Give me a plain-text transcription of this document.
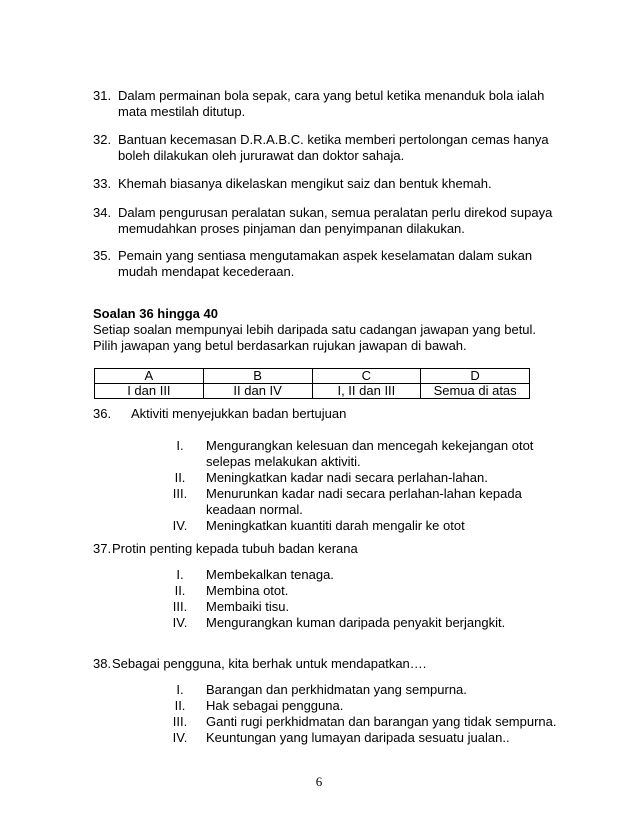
31. Dalam permainan bola sepak, cara yang betul ketika menanduk bola ialah mata mestilah ditutup.
32. Bantuan kecemasan D.R.A.B.C. ketika memberi pertolongan cemas hanya boleh dilakukan oleh jururawat dan doktor sahaja.
33. Khemah biasanya dikelaskan mengikut saiz dan bentuk khemah.
34. Dalam pengurusan peralatan sukan, semua peralatan perlu direkod supaya memudahkan proses pinjaman dan penyimpanan dilakukan.
35. Pemain yang sentiasa mengutamakan aspek keselamatan dalam sukan mudah mendapat kecederaan.
Soalan 36 hingga 40
Setiap soalan mempunyai lebih daripada satu cadangan jawapan yang betul. Pilih jawapan yang betul berdasarkan rujukan jawapan di bawah.
A	B	C	D
I dan III	II dan IV	I, II dan III	Semua di atas
36.	Aktiviti menyejukkan badan bertujuan
I.	Mengurangkan kelesuan dan mencegah kekejangan otot selepas melakukan aktiviti.
II.	Meningkatkan kadar nadi secara perlahan-lahan.
III.	Menurunkan kadar nadi secara perlahan-lahan kepada keadaan normal.
IV.	Meningkatkan kuantiti darah mengalir ke otot
37. Protin penting kepada tubuh badan kerana
I.	Membekalkan tenaga.
II.	Membina otot.
III.	Membaiki tisu.
IV.	Mengurangkan kuman daripada penyakit berjangkit.
38. Sebagai pengguna, kita berhak untuk mendapatkan….
I.	Barangan dan perkhidmatan yang sempurna.
II.	Hak sebagai pengguna.
III.	Ganti rugi perkhidmatan dan barangan yang tidak sempurna.
IV.	Keuntungan yang lumayan daripada sesuatu jualan..
6
